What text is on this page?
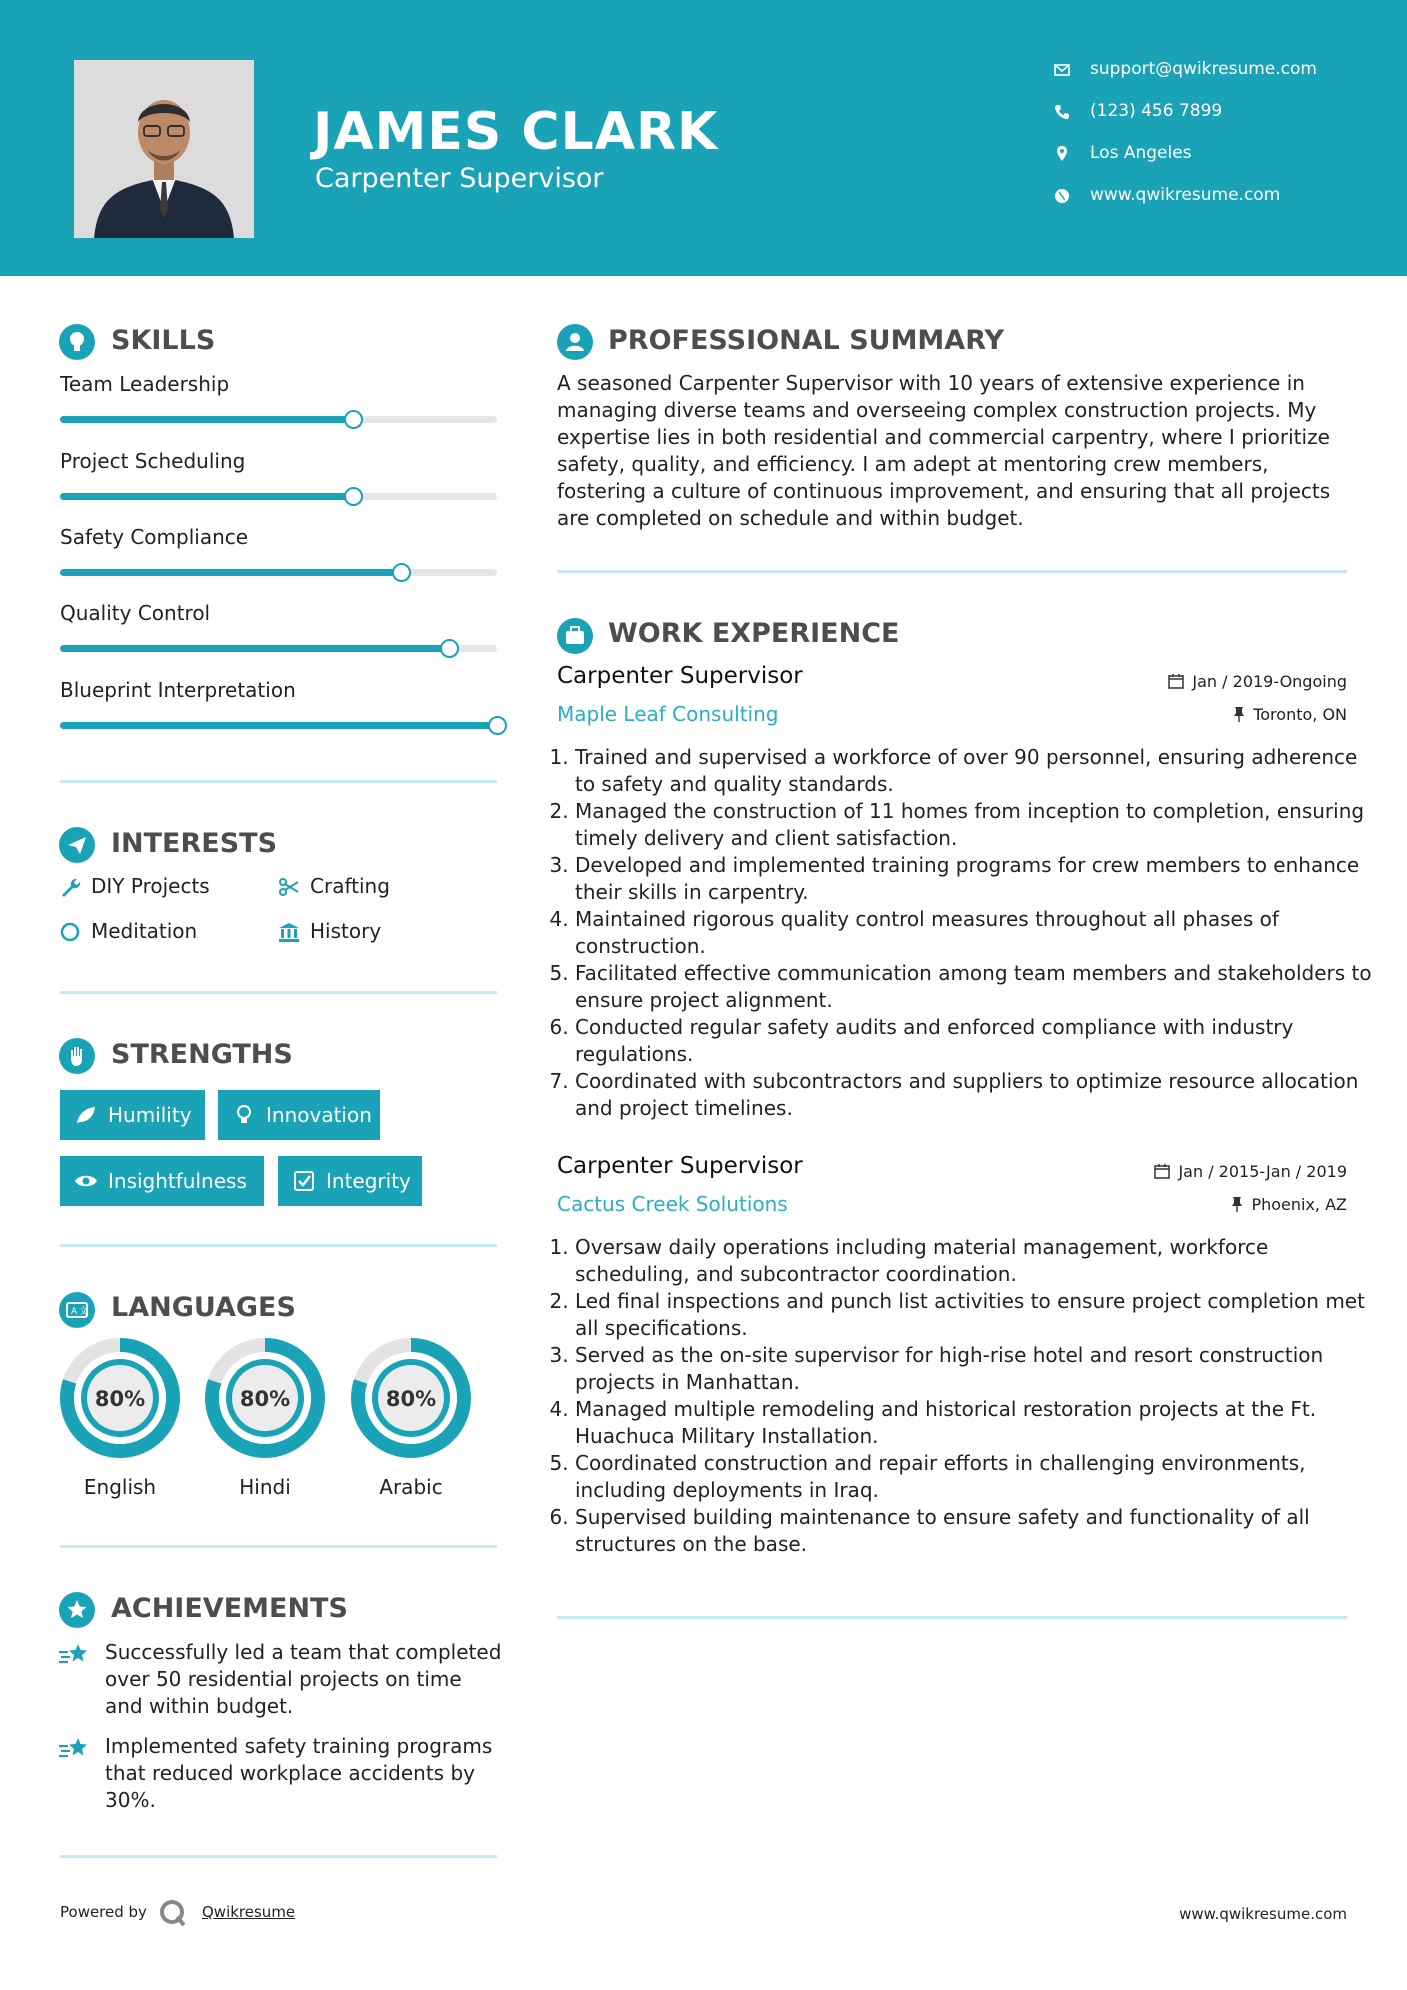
JAMES CLARK
Carpenter Supervisor
support@qwikresume.com
(123) 456 7899
Los Angeles
www.qwikresume.com
SKILLS
Team Leadership
Project Scheduling
Safety Compliance
Quality Control
Blueprint Interpretation
INTERESTS
DIY Projects	Crafting
Meditation	History
STRENGTHS
Humility	Innovation
Insightfulness	Integrity
A 文 LANGUAGES
80%
English
80%
Hindi
80%
Arabic
ACHIEVEMENTS
Successfully led a team that completed over 50 residential projects on time and within budget.
Implemented safety training programs that reduced workplace accidents by 30%.
PROFESSIONAL SUMMARY
A seasoned Carpenter Supervisor with 10 years of extensive experience in managing diverse teams and overseeing complex construction projects. My expertise lies in both residential and commercial carpentry, where I prioritize safety, quality, and efficiency. I am adept at mentoring crew members, fostering a culture of continuous improvement, and ensuring that all projects are completed on schedule and within budget.
WORK EXPERIENCE
Carpenter Supervisor	Jan / 2019-Ongoing
Maple Leaf Consulting	Toronto, ON
1. Trained and supervised a workforce of over 90 personnel, ensuring adherence to safety and quality standards.
2. Managed the construction of 11 homes from inception to completion, ensuring timely delivery and client satisfaction.
3. Developed and implemented training programs for crew members to enhance their skills in carpentry.
4. Maintained rigorous quality control measures throughout all phases of construction.
5. Facilitated effective communication among team members and stakeholders to ensure project alignment.
6. Conducted regular safety audits and enforced compliance with industry regulations.
7. Coordinated with subcontractors and suppliers to optimize resource allocation and project timelines.
Carpenter Supervisor	Jan / 2015-Jan / 2019
Cactus Creek Solutions	Phoenix, AZ
1. Oversaw daily operations including material management, workforce scheduling, and subcontractor coordination.
2. Led final inspections and punch list activities to ensure project completion met all specifications.
3. Served as the on-site supervisor for high-rise hotel and resort construction projects in Manhattan.
4. Managed multiple remodeling and historical restoration projects at the Ft. Huachuca Military Installation.
5. Coordinated construction and repair efforts in challenging environments, including deployments in Iraq.
6. Supervised building maintenance to ensure safety and functionality of all structures on the base.
Powered by	Qwikresume	www.qwikresume.com
